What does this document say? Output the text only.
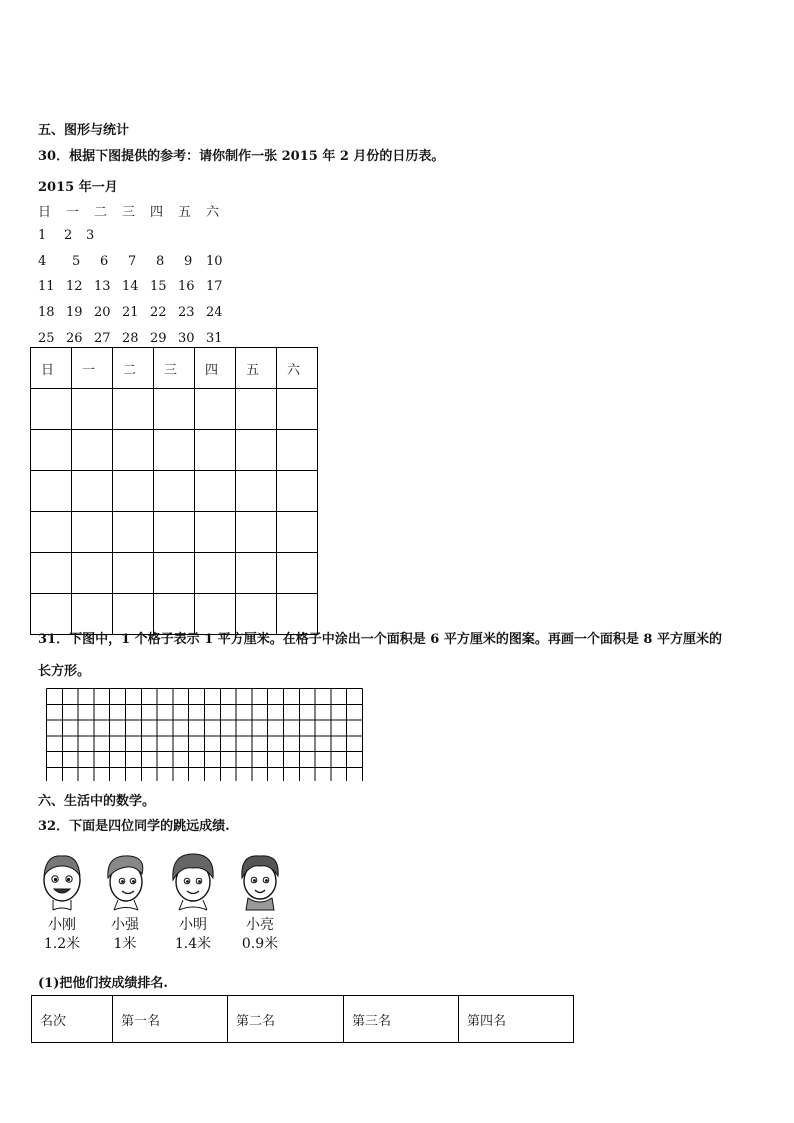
五、图形与统计
30．根据下图提供的参考：请你制作一张 2015 年 2 月份的日历表。
2015 年一月
日 一 二 三 四 五 六
1 2 3
4 5 6 7 8 9 10
11 12 13 14 15 16 17
18 19 20 21 22 23 24
25 26 27 28 29 30 31
日	一	二	三	四	五	六

31．下图中，1 个格子表示 1 平方厘米。在格子中涂出一个面积是 6 平方厘米的图案。再画一个面积是 8 平方厘米的
长方形。
六、生活中的数学。
32．下面是四位同学的跳远成绩.
小刚
1.2米
小强
1米
小明
1.4米
小亮
0.9米
(1)把他们按成绩排名.
名次	第一名	第二名	第三名	第四名
